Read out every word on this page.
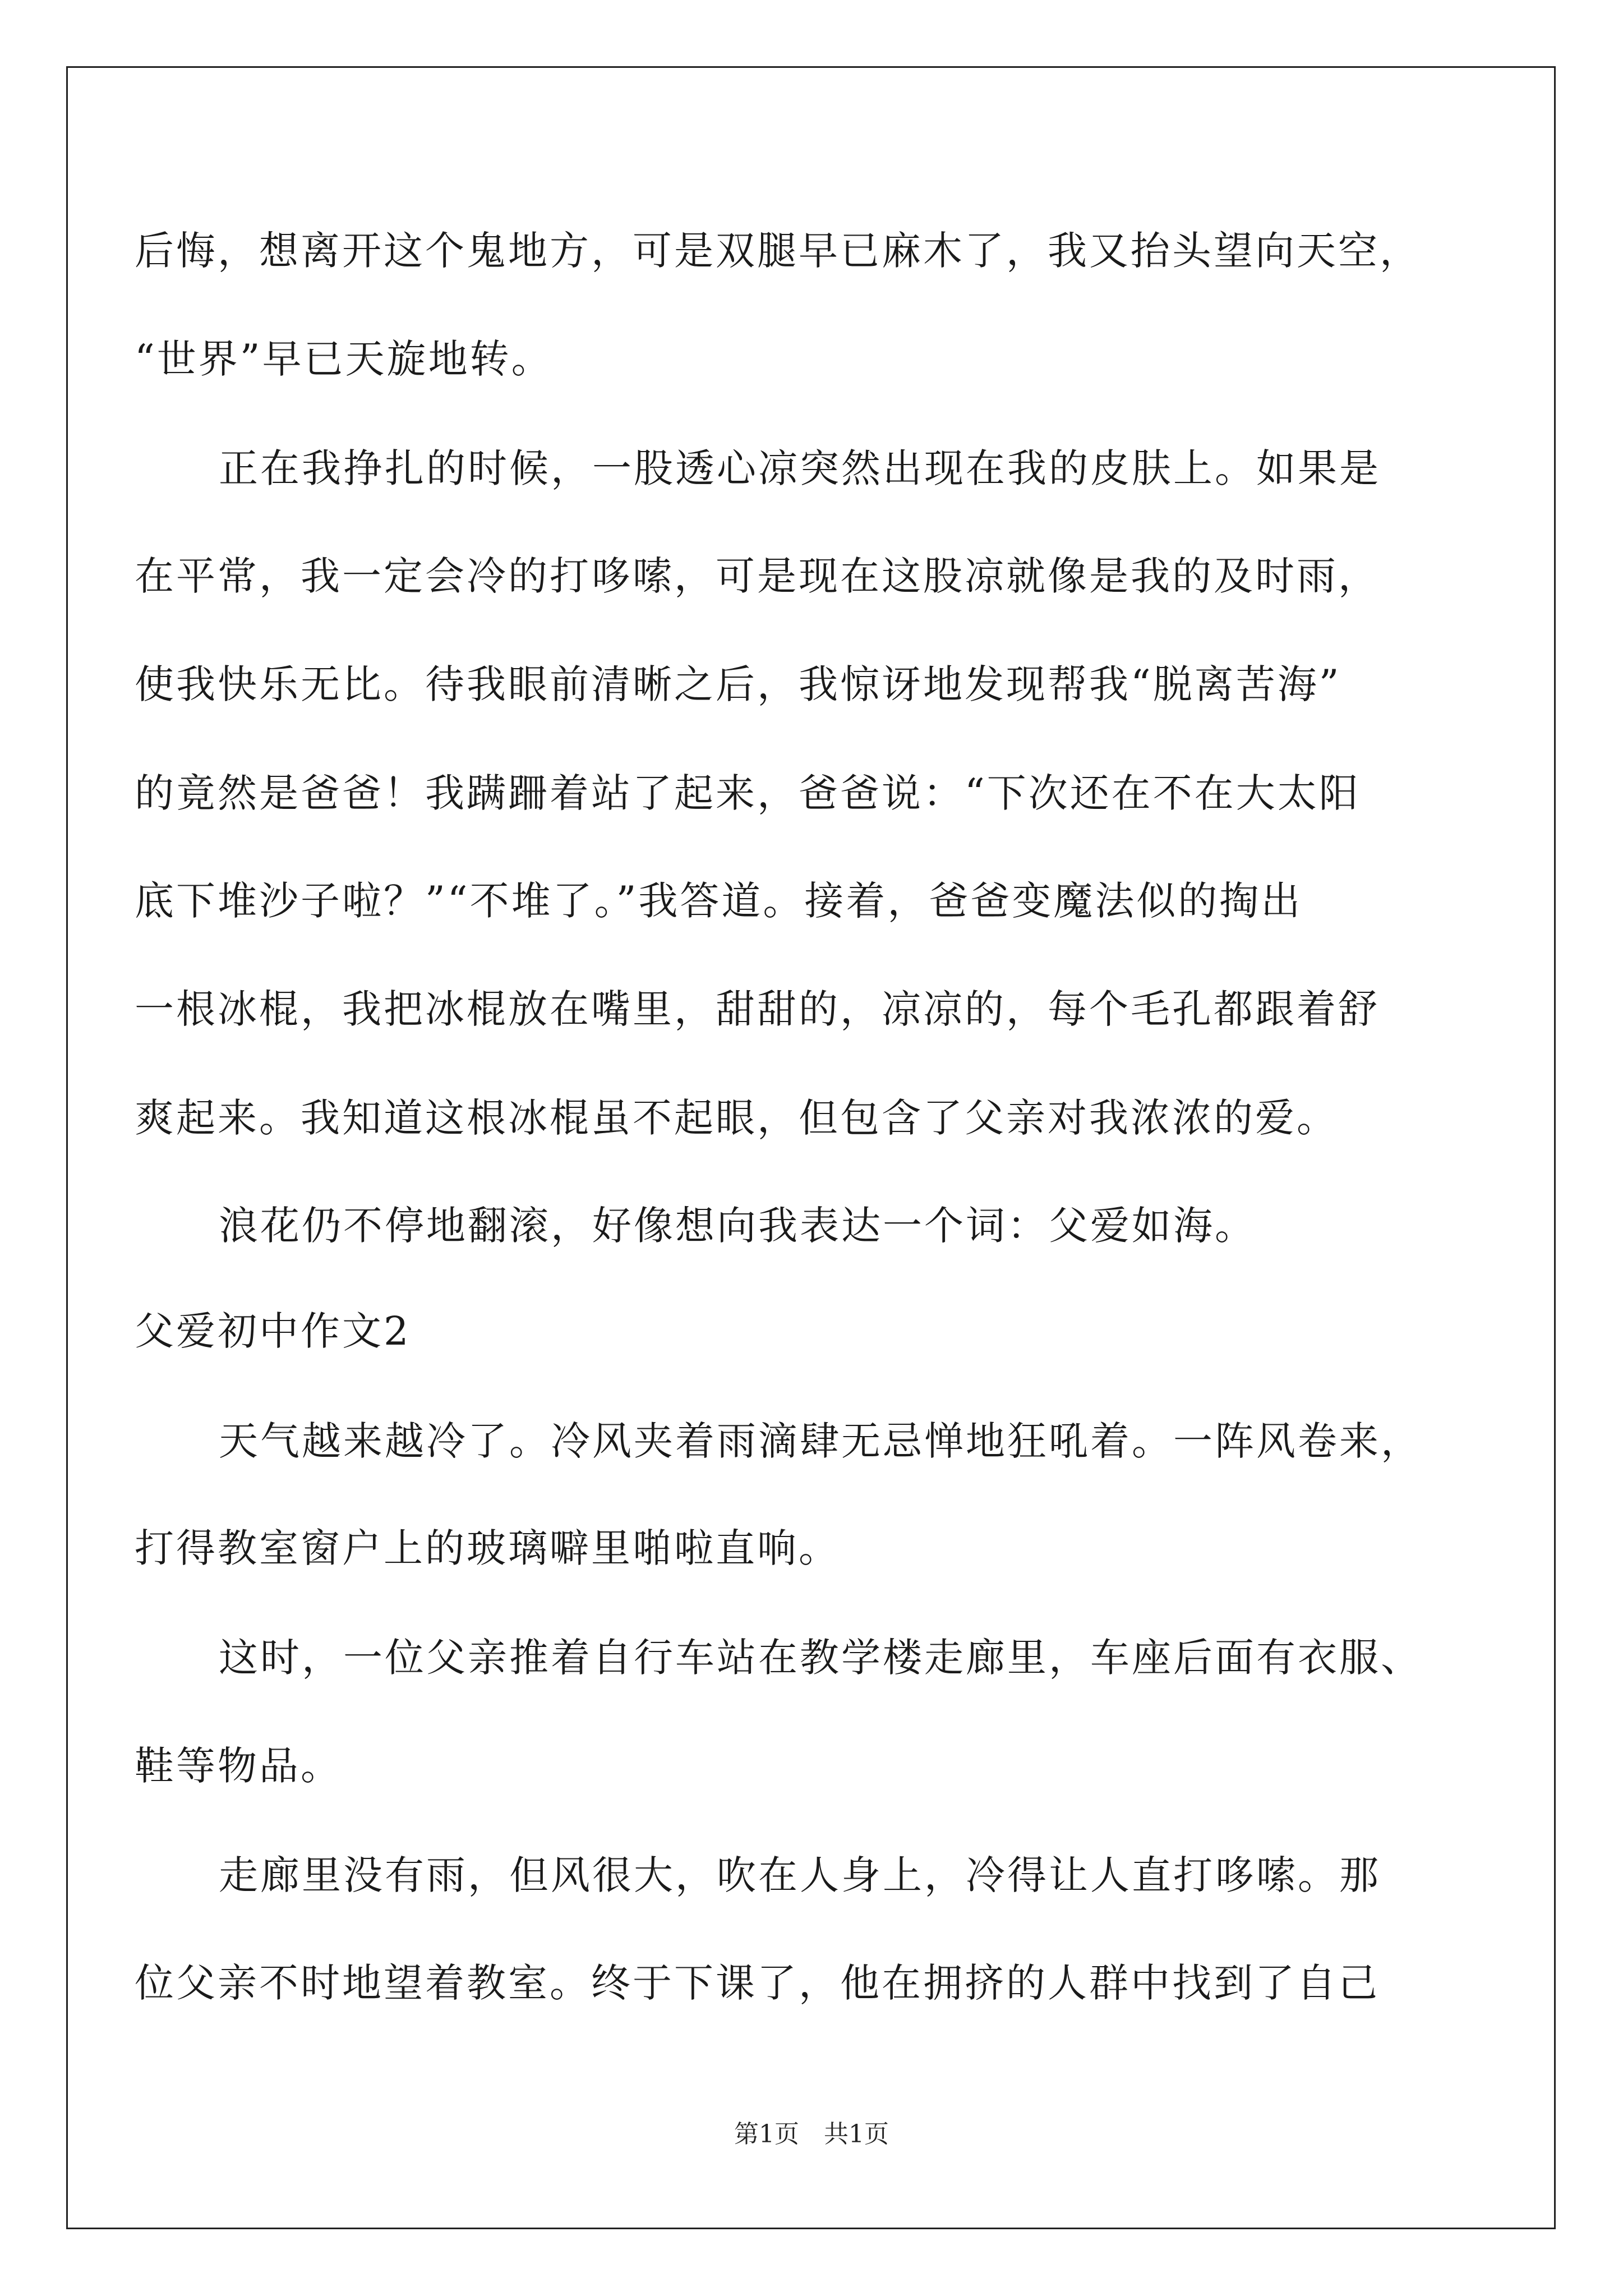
后悔，想离开这个鬼地方，可是双腿早已麻木了，我又抬头望向天空，
“世界”早已天旋地转。
正在我挣扎的时候，一股透心凉突然出现在我的皮肤上。如果是
在平常，我一定会冷的打哆嗦，可是现在这股凉就像是我的及时雨，
使我快乐无比。待我眼前清晰之后，我惊讶地发现帮我“脱离苦海”
的竟然是爸爸！我蹒跚着站了起来，爸爸说：“下次还在不在大太阳
底下堆沙子啦？”“不堆了。”我答道。接着，爸爸变魔法似的掏出
一根冰棍，我把冰棍放在嘴里，甜甜的，凉凉的，每个毛孔都跟着舒
爽起来。我知道这根冰棍虽不起眼，但包含了父亲对我浓浓的爱。
浪花仍不停地翻滚，好像想向我表达一个词：父爱如海。
父爱初中作文2
天气越来越冷了。冷风夹着雨滴肆无忌惮地狂吼着。一阵风卷来，
打得教室窗户上的玻璃噼里啪啦直响。
这时，一位父亲推着自行车站在教学楼走廊里，车座后面有衣服、
鞋等物品。
走廊里没有雨，但风很大，吹在人身上，冷得让人直打哆嗦。那
位父亲不时地望着教室。终于下课了，他在拥挤的人群中找到了自己
第1页 共1页
